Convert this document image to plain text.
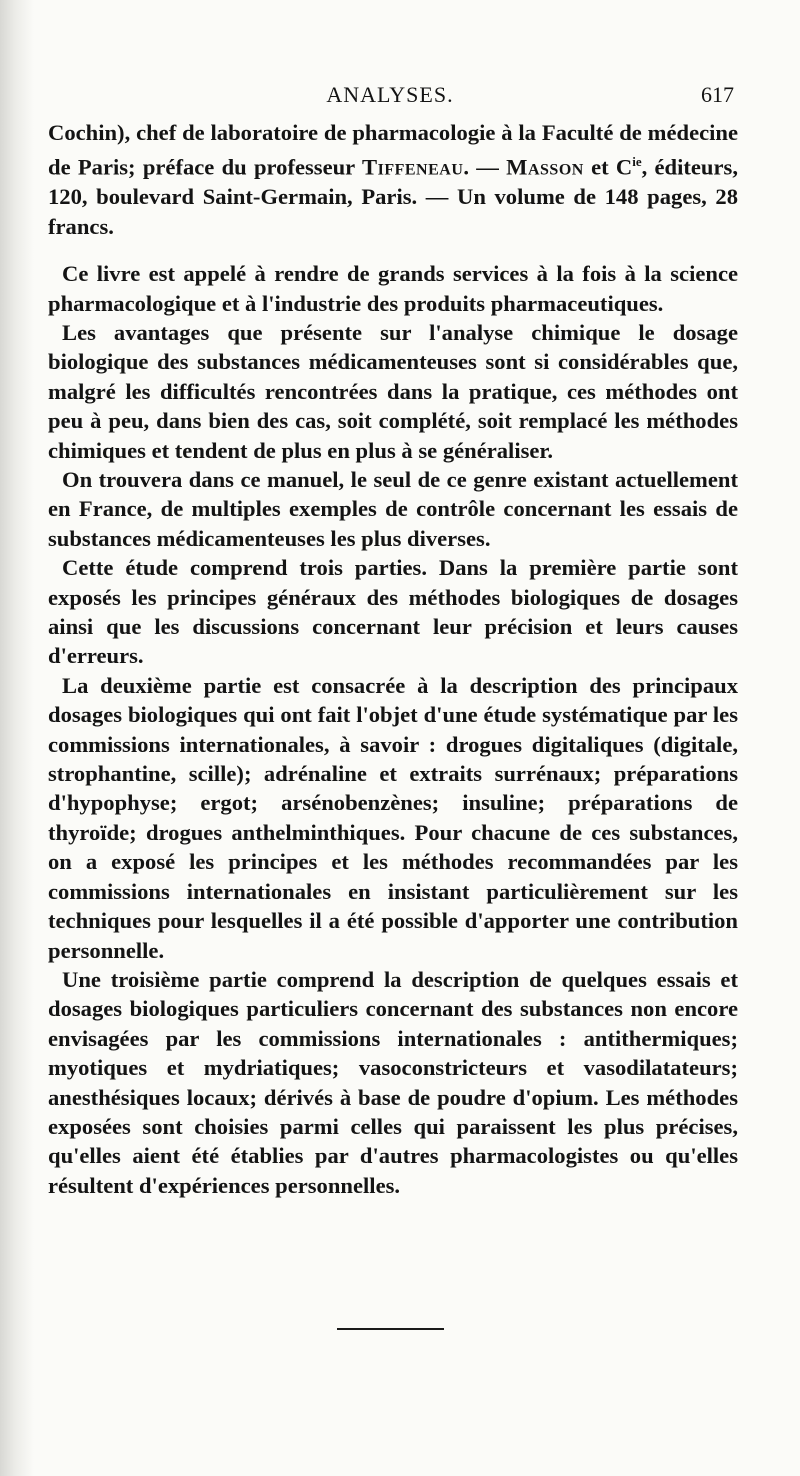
ANALYSES.	617

Cochin), chef de laboratoire de pharmacologie à la Faculté de médecine de Paris; préface du professeur Tiffeneau. — Masson et $C^{ie}$, éditeurs, 120, boulevard Saint-Germain, Paris. — Un volume de 148 pages, 28 francs.

Ce livre est appelé à rendre de grands services à la fois à la science pharmacologique et à l'industrie des produits pharmaceutiques.

Les avantages que présente sur l'analyse chimique le dosage biologique des substances médicamenteuses sont si considérables que, malgré les difficultés rencontrées dans la pratique, ces méthodes ont peu à peu, dans bien des cas, soit complété, soit remplacé les méthodes chimiques et tendent de plus en plus à se généraliser.

On trouvera dans ce manuel, le seul de ce genre existant actuellement en France, de multiples exemples de contrôle concernant les essais de substances médicamenteuses les plus diverses.

Cette étude comprend trois parties. Dans la première partie sont exposés les principes généraux des méthodes biologiques de dosages ainsi que les discussions concernant leur précision et leurs causes d'erreurs.

La deuxième partie est consacrée à la description des principaux dosages biologiques qui ont fait l'objet d'une étude systématique par les commissions internationales, à savoir : drogues digitaliques (digitale, strophantine, scille); adrénaline et extraits surrénaux; préparations d'hypophyse; ergot; arsénobenzènes; insuline; préparations de thyroïde; drogues anthelminthiques. Pour chacune de ces substances, on a exposé les principes et les méthodes recommandées par les commissions internationales en insistant particulièrement sur les techniques pour lesquelles il a été possible d'apporter une contribution personnelle.

Une troisième partie comprend la description de quelques essais et dosages biologiques particuliers concernant des substances non encore envisagées par les commissions internationales : antithermiques; myotiques et mydriatiques; vasoconstricteurs et vasodilatateurs; anesthésiques locaux; dérivés à base de poudre d'opium. Les méthodes exposées sont choisies parmi celles qui paraissent les plus précises, qu'elles aient été établies par d'autres pharmacologistes ou qu'elles résultent d'expériences personnelles.
